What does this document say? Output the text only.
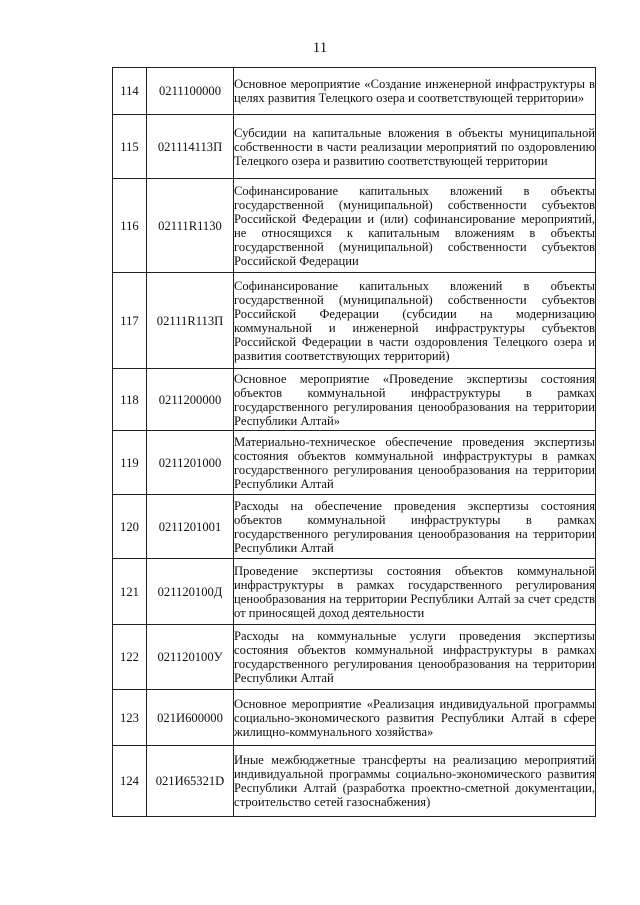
11
114	0211100000	Основное мероприятие «Создание инженерной инфраструктуры в целях развития Телецкого озера и соответствующей территории»
115	021114113П	Субсидии на капитальные вложения в объекты муниципальной собственности в части реализации мероприятий по оздоровлению Телецкого озера и развитию соответствующей территории
116	02111R1130	Софинансирование капитальных вложений в объекты государственной (муниципальной) собственности субъектов Российской Федерации и (или) софинансирование мероприятий, не относящихся к капитальным вложениям в объекты государственной (муниципальной) собственности субъектов Российской Федерации
117	02111R113П	Софинансирование капитальных вложений в объекты государственной (муниципальной) собственности субъектов Российской Федерации (субсидии на модернизацию коммунальной и инженерной инфраструктуры субъектов Российской Федерации в части оздоровления Телецкого озера и развития соответствующих территорий)
118	0211200000	Основное мероприятие «Проведение экспертизы состояния объектов коммунальной инфраструктуры в рамках государственного регулирования ценообразования на территории Республики Алтай»
119	0211201000	Материально-техническое обеспечение проведения экспертизы состояния объектов коммунальной инфраструктуры в рамках государственного регулирования ценообразования на территории Республики Алтай
120	0211201001	Расходы на обеспечение проведения экспертизы состояния объектов коммунальной инфраструктуры в рамках государственного регулирования ценообразования на территории Республики Алтай
121	021120100Д	Проведение экспертизы состояния объектов коммунальной инфраструктуры в рамках государственного регулирования ценообразования на территории Республики Алтай за счет средств от приносящей доход деятельности
122	021120100У	Расходы на коммунальные услуги проведения экспертизы состояния объектов коммунальной инфраструктуры в рамках государственного регулирования ценообразования на территории Республики Алтай
123	021И600000	Основное мероприятие «Реализация индивидуальной программы социально-экономического развития Республики Алтай в сфере жилищно-коммунального хозяйства»
124	021И65321D	Иные межбюджетные трансферты на реализацию мероприятий индивидуальной программы социально-экономического развития Республики Алтай (разработка проектно-сметной документации, строительство сетей газоснабжения)
